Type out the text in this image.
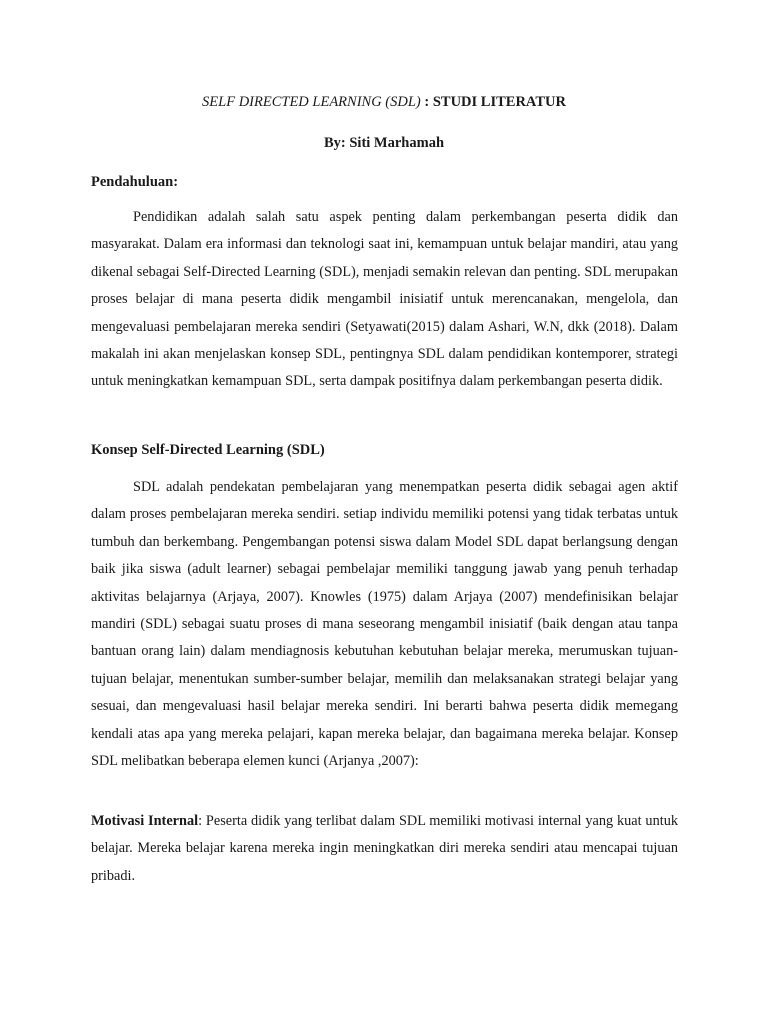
SELF DIRECTED LEARNING (SDL) : STUDI LITERATUR
By: Siti Marhamah
Pendahuluan:

Pendidikan adalah salah satu aspek penting dalam perkembangan peserta didik dan masyarakat. Dalam era informasi dan teknologi saat ini, kemampuan untuk belajar mandiri, atau yang dikenal sebagai Self-Directed Learning (SDL), menjadi semakin relevan dan penting. SDL merupakan proses belajar di mana peserta didik mengambil inisiatif untuk merencanakan, mengelola, dan mengevaluasi pembelajaran mereka sendiri (Setyawati(2015) dalam Ashari, W.N, dkk (2018). Dalam makalah ini akan menjelaskan konsep SDL, pentingnya SDL dalam pendidikan kontemporer, strategi untuk meningkatkan kemampuan SDL, serta dampak positifnya dalam perkembangan peserta didik.

Konsep Self-Directed Learning (SDL)

SDL adalah pendekatan pembelajaran yang menempatkan peserta didik sebagai agen aktif dalam proses pembelajaran mereka sendiri. setiap individu memiliki potensi yang tidak terbatas untuk tumbuh dan berkembang. Pengembangan potensi siswa dalam Model SDL dapat berlangsung dengan baik jika siswa (adult learner) sebagai pembelajar memiliki tanggung jawab yang penuh terhadap aktivitas belajarnya (Arjaya, 2007). Knowles (1975) dalam Arjaya (2007) mendefinisikan belajar mandiri (SDL) sebagai suatu proses di mana seseorang mengambil inisiatif (baik dengan atau tanpa bantuan orang lain) dalam mendiagnosis kebutuhan kebutuhan belajar mereka, merumuskan tujuan-tujuan belajar, menentukan sumber-sumber belajar, memilih dan melaksanakan strategi belajar yang sesuai, dan mengevaluasi hasil belajar mereka sendiri. Ini berarti bahwa peserta didik memegang kendali atas apa yang mereka pelajari, kapan mereka belajar, dan bagaimana mereka belajar. Konsep SDL melibatkan beberapa elemen kunci (Arjanya ,2007):

Motivasi Internal: Peserta didik yang terlibat dalam SDL memiliki motivasi internal yang kuat untuk belajar. Mereka belajar karena mereka ingin meningkatkan diri mereka sendiri atau mencapai tujuan pribadi.
